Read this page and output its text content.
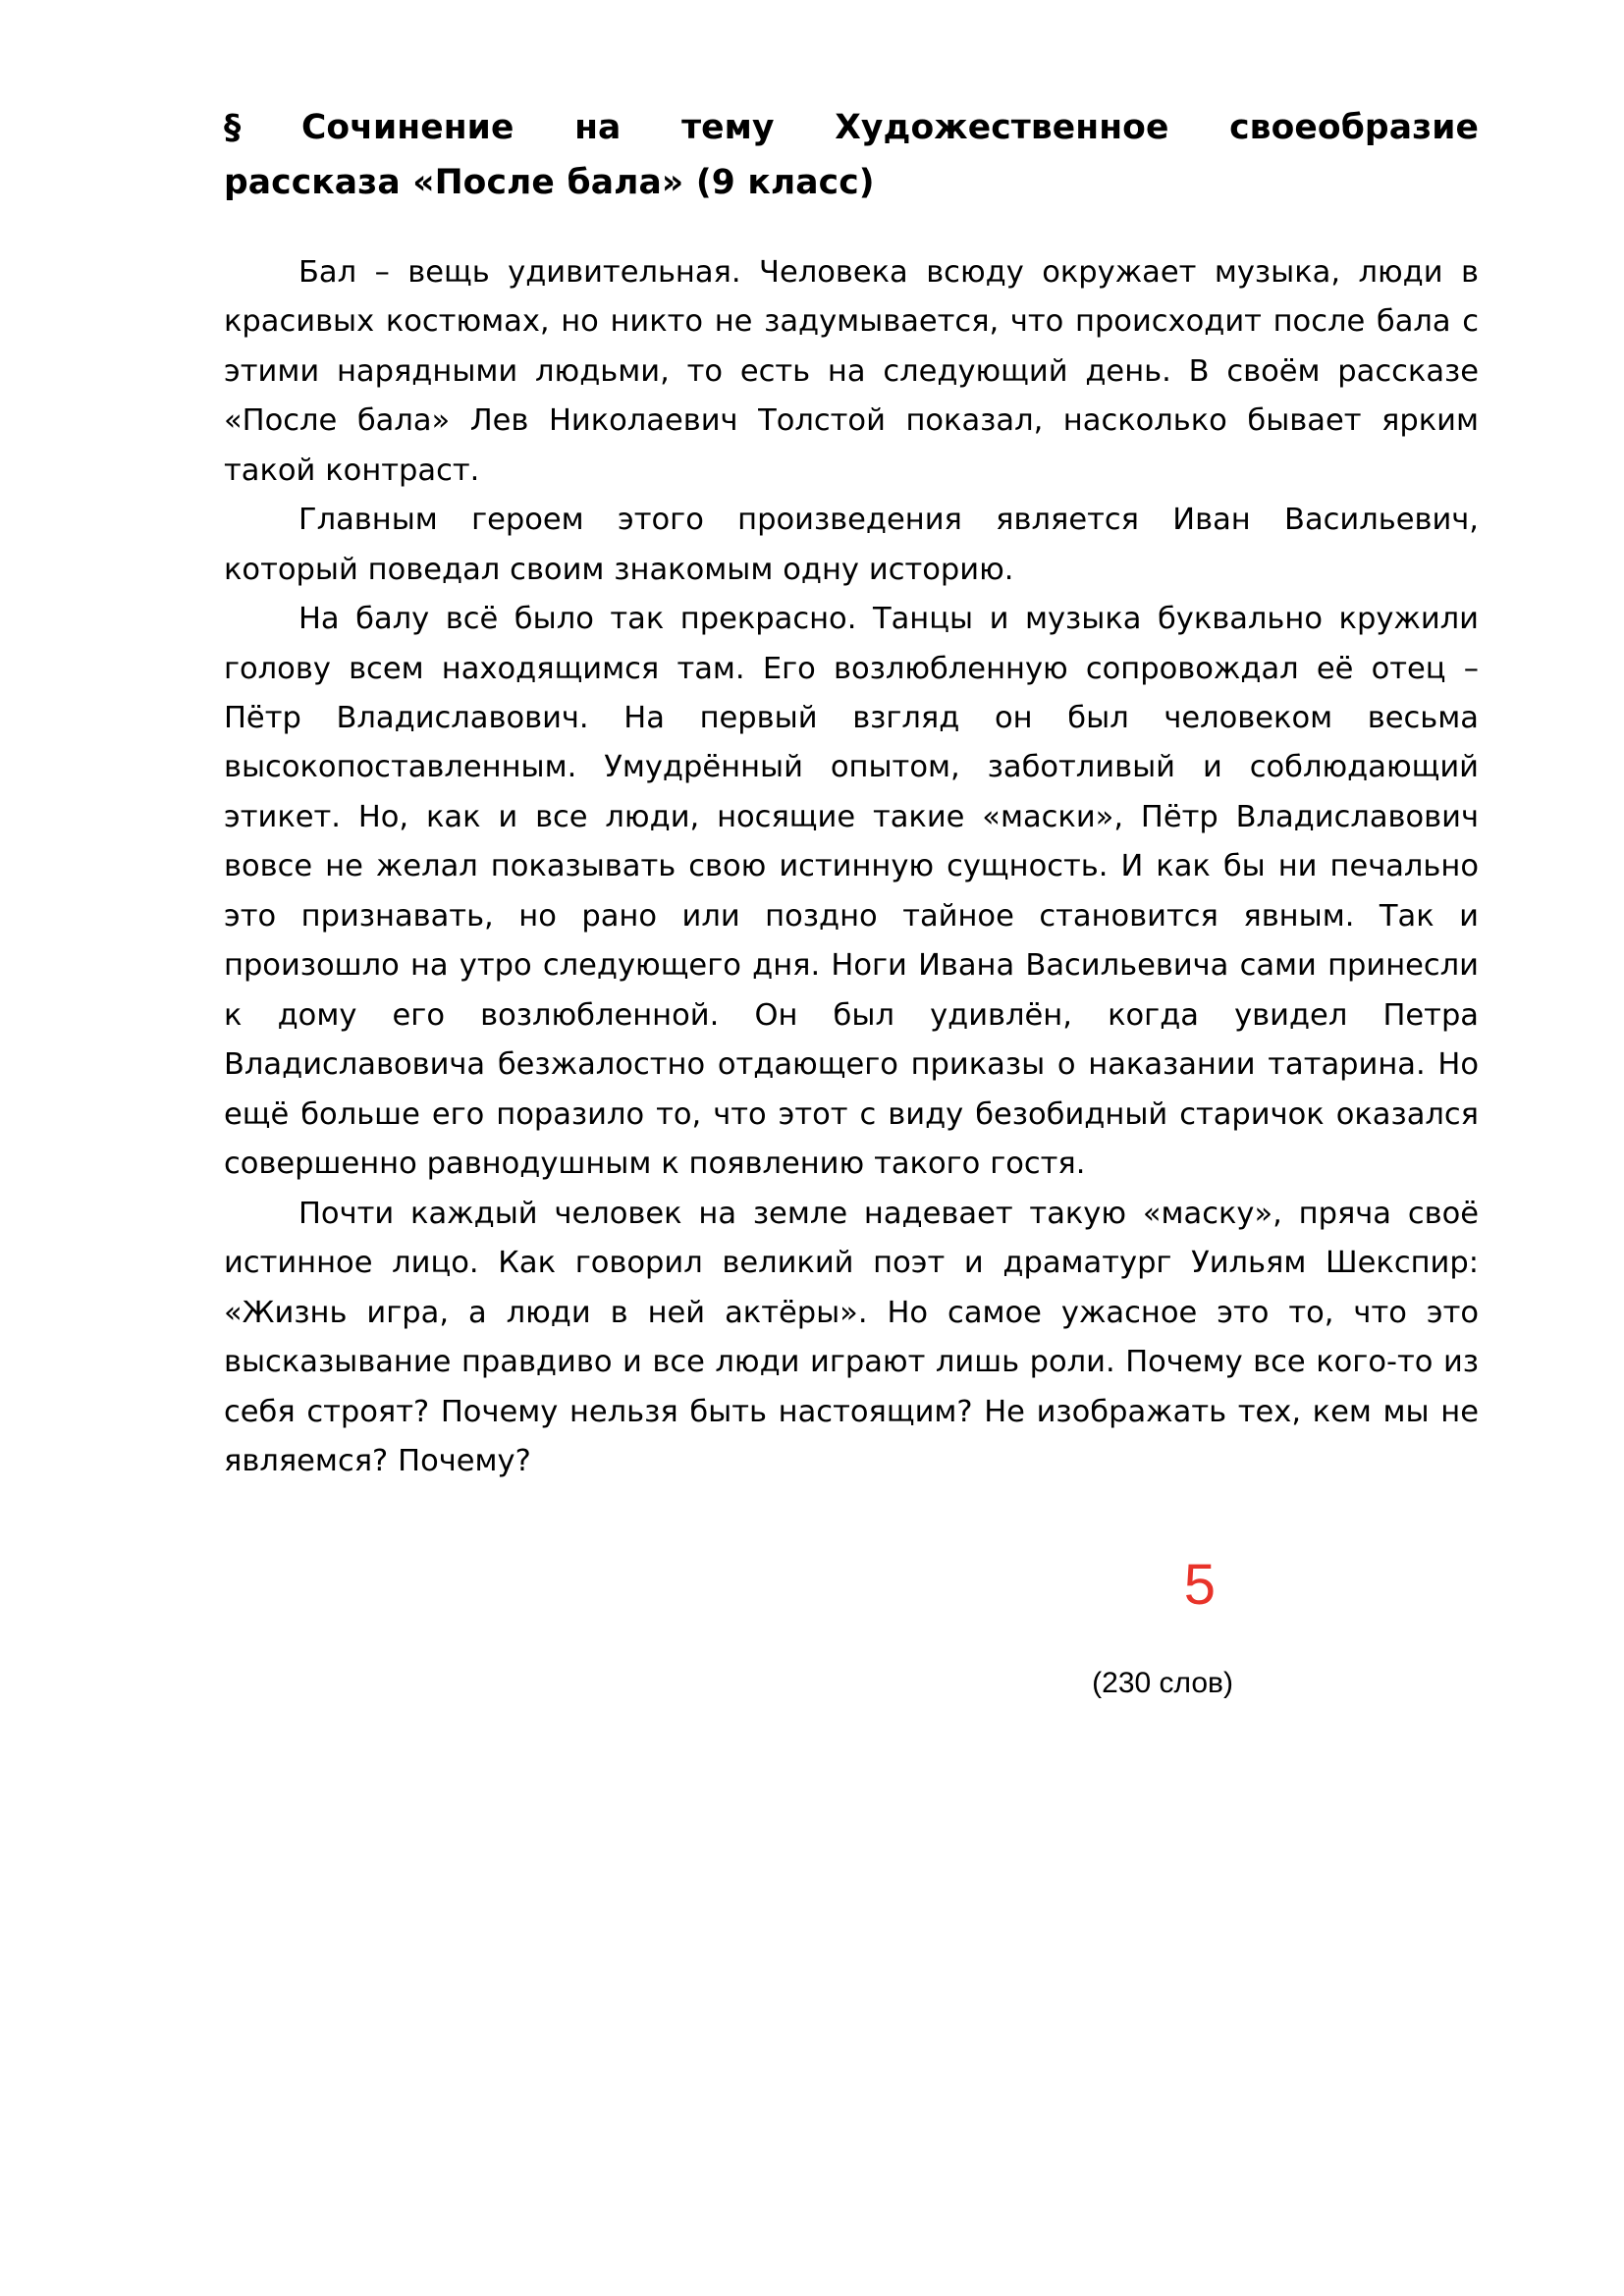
§ Сочинение на тему Художественное своеобразие
рассказа «После бала» (9 класс)

Бал – вещь удивительная. Человека всюду окружает музыка, люди в красивых костюмах, но никто не задумывается, что происходит после бала с этими нарядными людьми, то есть на следующий день. В своём рассказе «После бала» Лев Николаевич Толстой показал, насколько бывает ярким такой контраст.

Главным героем этого произведения является Иван Васильевич, который поведал своим знакомым одну историю.

На балу всё было так прекрасно. Танцы и музыка буквально кружили голову всем находящимся там. Его возлюбленную сопровождал её отец – Пётр Владиславович. На первый взгляд он был человеком весьма высокопоставленным. Умудрённый опытом, заботливый и соблюдающий этикет. Но, как и все люди, носящие такие «маски», Пётр Владиславович вовсе не желал показывать свою истинную сущность. И как бы ни печально это признавать, но рано или поздно тайное становится явным. Так и произошло на утро следующего дня. Ноги Ивана Васильевича сами принесли к дому его возлюбленной. Он был удивлён, когда увидел Петра Владиславовича безжалостно отдающего приказы о наказании татарина. Но ещё больше его поразило то, что этот с виду безобидный старичок оказался совершенно равнодушным к появлению такого гостя.

Почти каждый человек на земле надевает такую «маску», пряча своё истинное лицо. Как говорил великий поэт и драматург Уильям Шекспир: «Жизнь игра, а люди в ней актёры». Но самое ужасное это то, что это высказывание правдиво и все люди играют лишь роли. Почему все кого-то из себя строят? Почему нельзя быть настоящим? Не изображать тех, кем мы не являемся? Почему?

5
(230 слов)
